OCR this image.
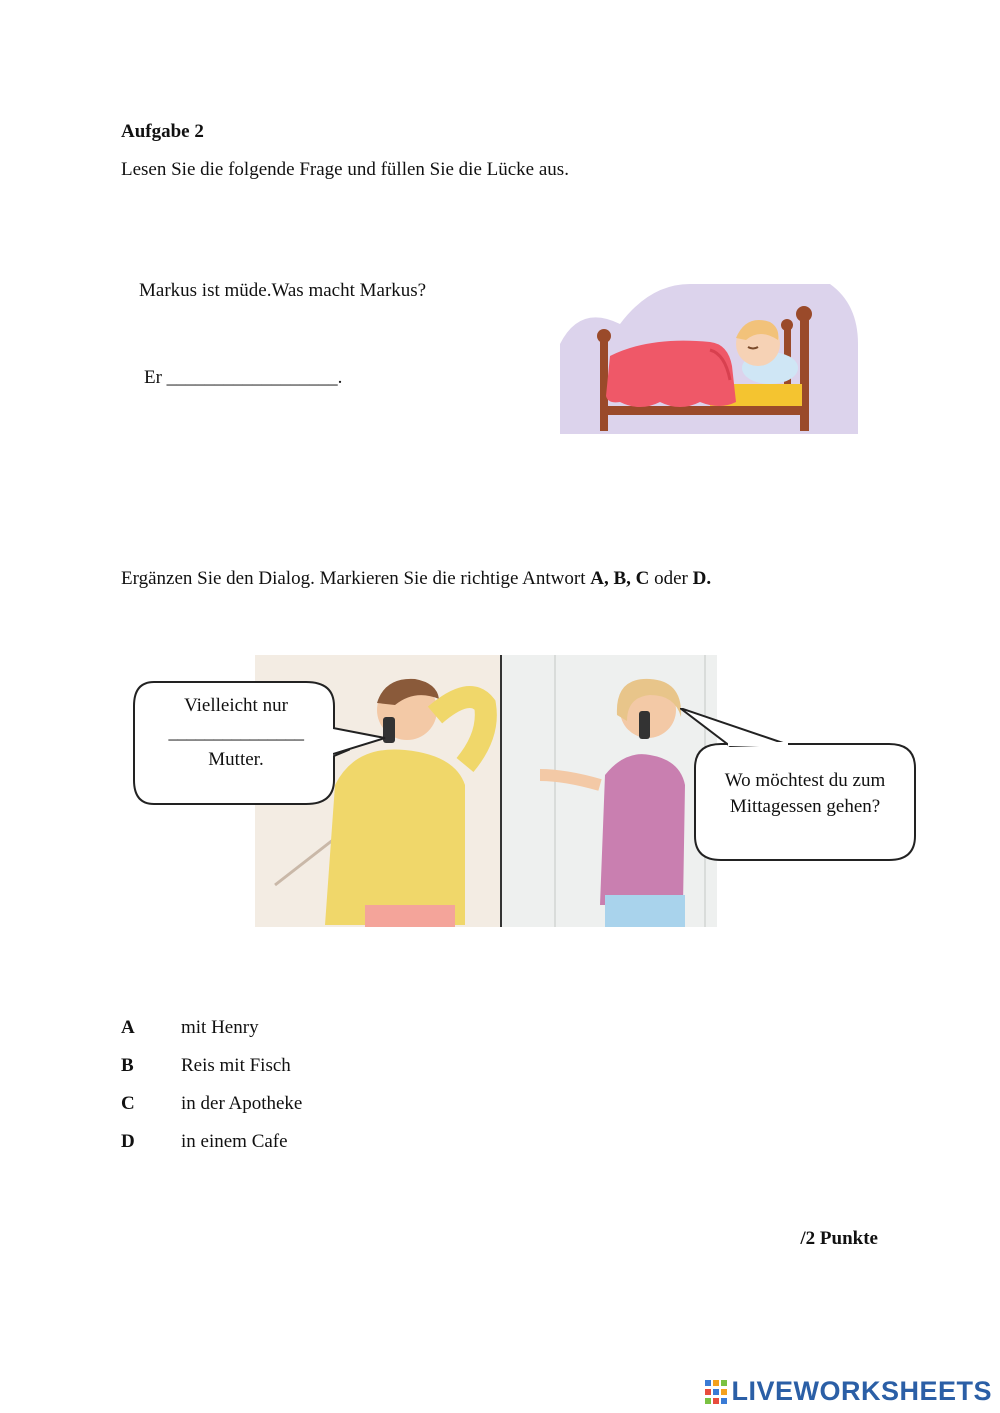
Aufgabe 2
Lesen Sie die folgende Frage und füllen Sie die Lücke aus.
Markus ist müde.Was macht Markus?
Er __________________.
Ergänzen Sie den Dialog. Markieren Sie die richtige Antwort A, B, C oder D.
Vielleicht nur
_______________
Mutter.
Wo möchtest du zum
Mittagessen gehen?
A mit Henry
B Reis mit Fisch
C in der Apotheke
D in einem Cafe
/2 Punkte
LIVEWORKSHEETS
